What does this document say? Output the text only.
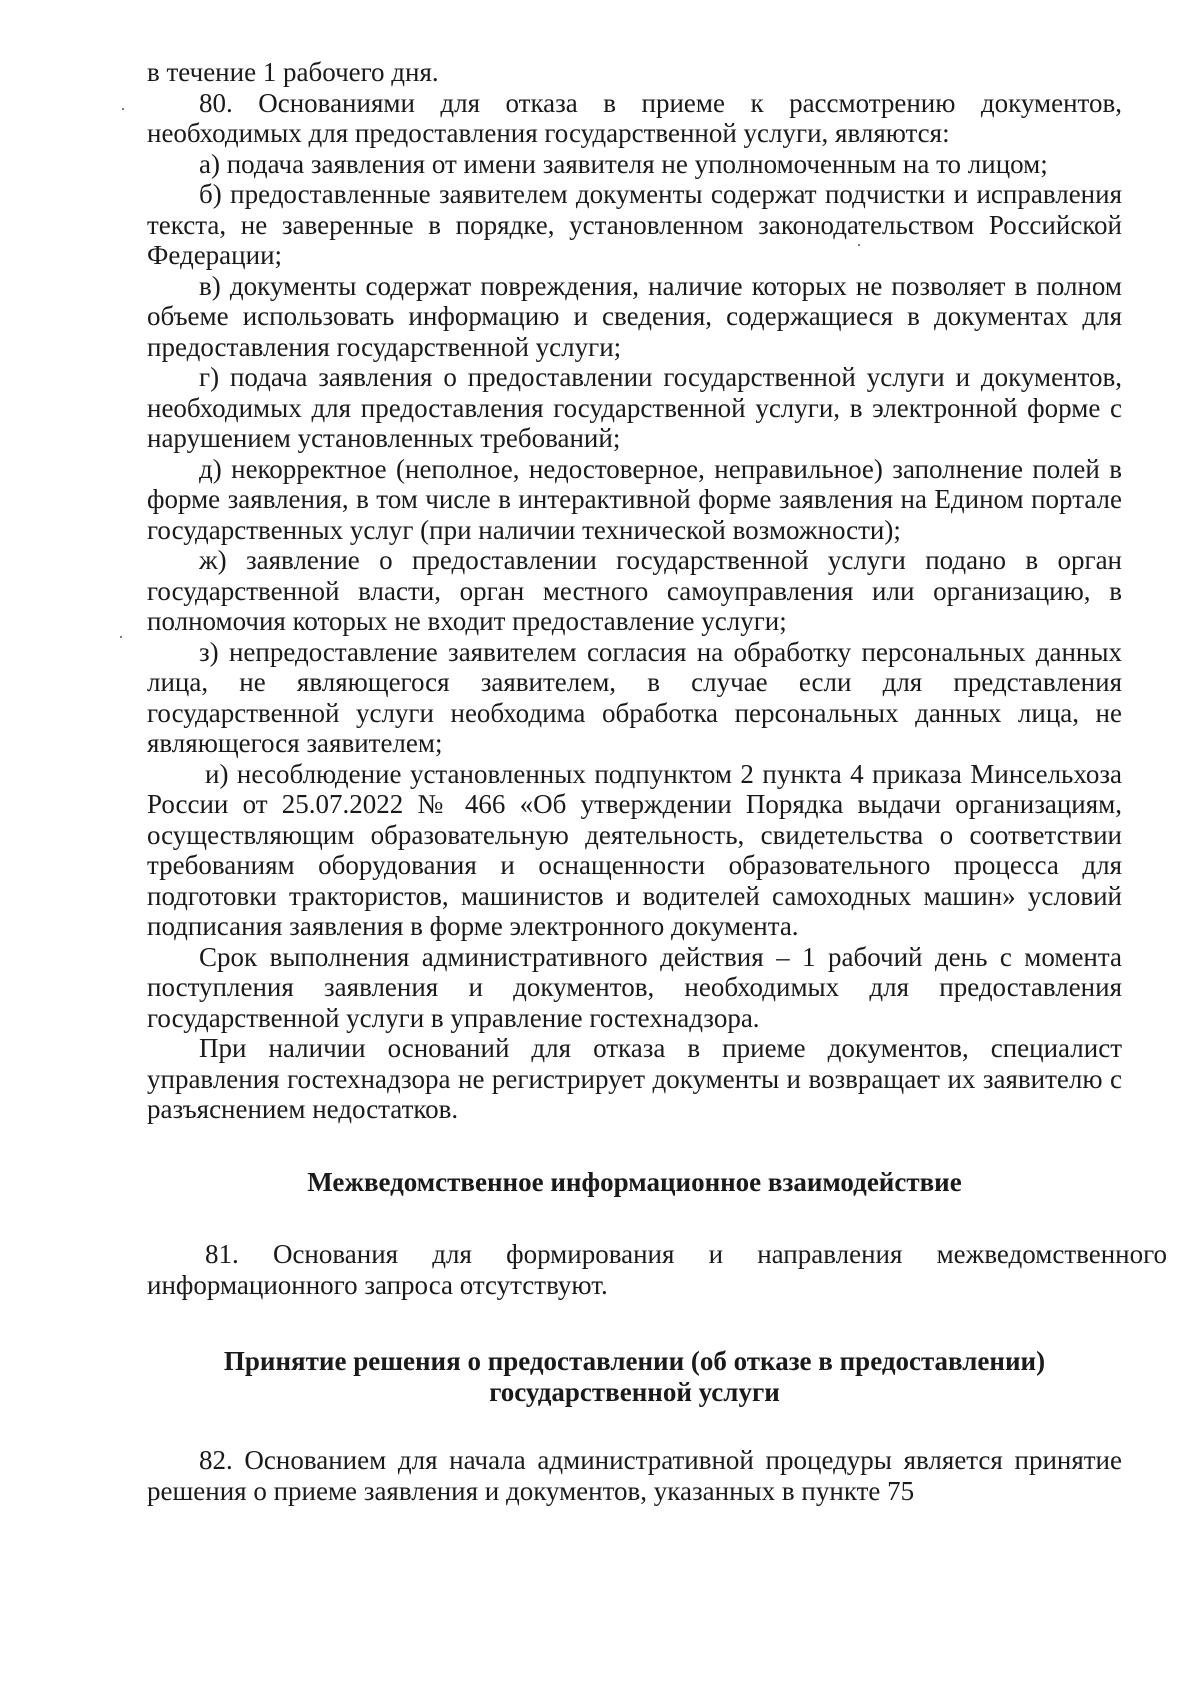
в течение 1 рабочего дня.

80. Основаниями для отказа в приеме к рассмотрению документов, необходимых для предоставления государственной услуги, являются:

а) подача заявления от имени заявителя не уполномоченным на то лицом;

б) предоставленные заявителем документы содержат подчистки и исправления текста, не заверенные в порядке, установленном законодательством Российской Федерации;

в) документы содержат повреждения, наличие которых не позволяет в полном объеме использовать информацию и сведения, содержащиеся в документах для предоставления государственной услуги;

г) подача заявления о предоставлении государственной услуги и документов, необходимых для предоставления государственной услуги, в электронной форме с нарушением установленных требований;

д) некорректное (неполное, недостоверное, неправильное) заполнение полей в форме заявления, в том числе в интерактивной форме заявления на Едином портале государственных услуг (при наличии технической возможности);

ж) заявление о предоставлении государственной услуги подано в орган государственной власти, орган местного самоуправления или организацию, в полномочия которых не входит предоставление услуги;

з) непредоставление заявителем согласия на обработку персональных данных лица, не являющегося заявителем, в случае если для представления государственной услуги необходима обработка персональных данных лица, не являющегося заявителем;

и) несоблюдение установленных подпунктом 2 пункта 4 приказа Минсельхоза России от 25.07.2022 № 466 «Об утверждении Порядка выдачи организациям, осуществляющим образовательную деятельность, свидетельства о соответствии требованиям оборудования и оснащенности образовательного процесса для подготовки трактористов, машинистов и водителей самоходных машин» условий подписания заявления в форме электронного документа.

Срок выполнения административного действия – 1 рабочий день с момента поступления заявления и документов, необходимых для предоставления государственной услуги в управление гостехнадзора.

При наличии оснований для отказа в приеме документов, специалист управления гостехнадзора не регистрирует документы и возвращает их заявителю с разъяснением недостатков.

Межведомственное информационное взаимодействие

81. Основания для формирования и направления межведомственного информационного запроса отсутствуют.

Принятие решения о предоставлении (об отказе в предоставлении) государственной услуги

82. Основанием для начала административной процедуры является принятие решения о приеме заявления и документов, указанных в пункте 75
